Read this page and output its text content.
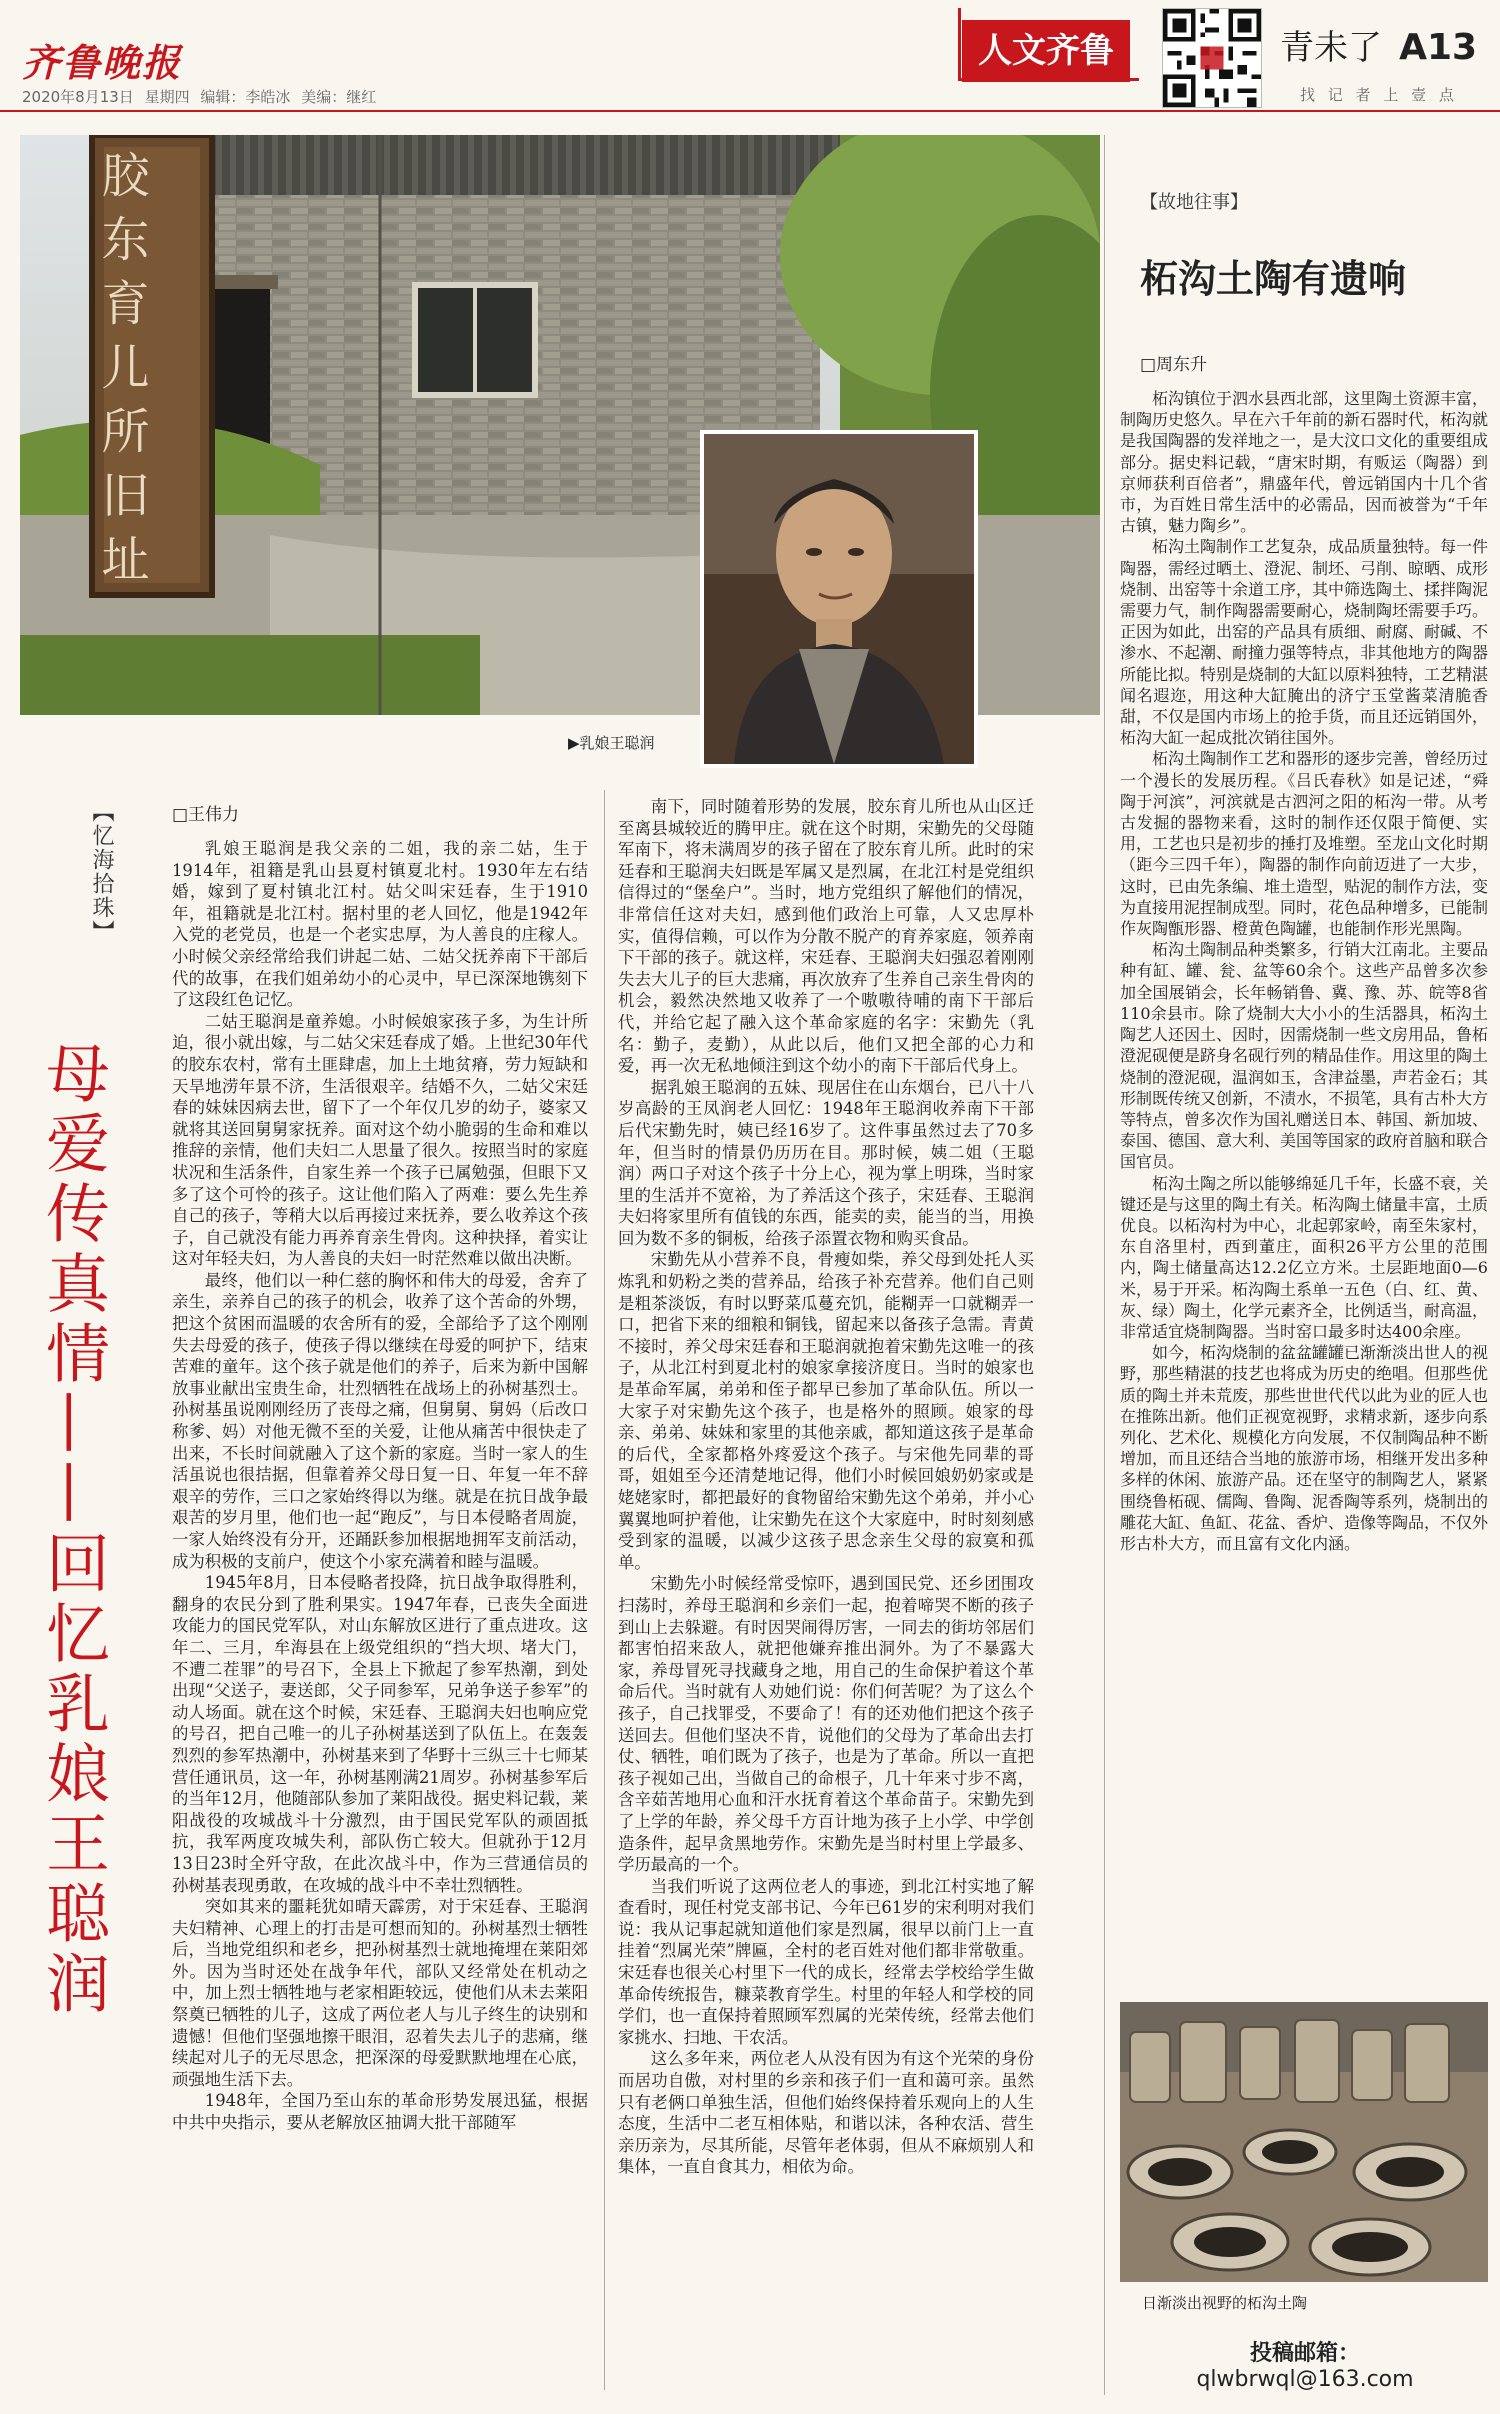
齐鲁晚报
2020年8月13日 星期四 编辑：李皓冰 美编：继红
人文齐鲁	青未了 A13
找 记 者 上 壹 点
胶东育儿所旧址
▶乳娘王聪润
【忆海拾珠】
母爱传真情——回忆乳娘王聪润
□王伟力

乳娘王聪润是我父亲的二姐，我的亲二姑，生于1914年，祖籍是乳山县夏村镇夏北村。1930年左右结婚，嫁到了夏村镇北江村。姑父叫宋廷春，生于1910年，祖籍就是北江村。据村里的老人回忆，他是1942年入党的老党员，也是一个老实忠厚，为人善良的庄稼人。小时候父亲经常给我们讲起二姑、二姑父抚养南下干部后代的故事，在我们姐弟幼小的心灵中，早已深深地镌刻下了这段红色记忆。

二姑王聪润是童养媳。小时候娘家孩子多，为生计所迫，很小就出嫁，与二姑父宋廷春成了婚。上世纪30年代的胶东农村，常有土匪肆虐，加上土地贫瘠，劳力短缺和天旱地涝年景不济，生活很艰辛。结婚不久，二姑父宋廷春的妹妹因病去世，留下了一个年仅几岁的幼子，婆家又就将其送回舅舅家抚养。面对这个幼小脆弱的生命和难以推辞的亲情，他们夫妇二人思量了很久。按照当时的家庭状况和生活条件，自家生养一个孩子已属勉强，但眼下又多了这个可怜的孩子。这让他们陷入了两难：要么先生养自己的孩子，等稍大以后再接过来抚养，要么收养这个孩子，自己就没有能力再养育亲生骨肉。这种抉择，着实让这对年轻夫妇，为人善良的夫妇一时茫然难以做出决断。

最终，他们以一种仁慈的胸怀和伟大的母爱，舍弃了亲生，亲养自己的孩子的机会，收养了这个苦命的外甥，把这个贫困而温暖的农舍所有的爱，全部给予了这个刚刚失去母爱的孩子，使孩子得以继续在母爱的呵护下，结束苦难的童年。这个孩子就是他们的养子，后来为新中国解放事业献出宝贵生命，壮烈牺牲在战场上的孙树基烈士。孙树基虽说刚刚经历了丧母之痛，但舅舅、舅妈（后改口称爹、妈）对他无微不至的关爱，让他从痛苦中很快走了出来，不长时间就融入了这个新的家庭。当时一家人的生活虽说也很拮据，但靠着养父母日复一日、年复一年不辞艰辛的劳作，三口之家始终得以为继。就是在抗日战争最艰苦的岁月里，他们也一起“跑反”，与日本侵略者周旋，一家人始终没有分开，还踊跃参加根据地拥军支前活动，成为积极的支前户，使这个小家充满着和睦与温暖。

1945年8月，日本侵略者投降，抗日战争取得胜利，翻身的农民分到了胜利果实。1947年春，已丧失全面进攻能力的国民党军队，对山东解放区进行了重点进攻。这年二、三月，牟海县在上级党组织的“挡大坝、堵大门，不遭二茬罪”的号召下，全县上下掀起了参军热潮，到处出现“父送子，妻送郎，父子同参军，兄弟争送子参军”的动人场面。就在这个时候，宋廷春、王聪润夫妇也响应党的号召，把自己唯一的儿子孙树基送到了队伍上。在轰轰烈烈的参军热潮中，孙树基来到了华野十三纵三十七师某营任通讯员，这一年，孙树基刚满21周岁。孙树基参军后的当年12月，他随部队参加了莱阳战役。据史料记载，莱阳战役的攻城战斗十分激烈，由于国民党军队的顽固抵抗，我军两度攻城失利，部队伤亡较大。但就孙于12月13日23时全歼守敌，在此次战斗中，作为三营通信员的孙树基表现勇敢，在攻城的战斗中不幸壮烈牺牲。

突如其来的噩耗犹如晴天霹雳，对于宋廷春、王聪润夫妇精神、心理上的打击是可想而知的。孙树基烈士牺牲后，当地党组织和老乡，把孙树基烈士就地掩埋在莱阳郊外。因为当时还处在战争年代，部队又经常处在机动之中，加上烈士牺牲地与老家相距较远，使他们从未去莱阳祭奠已牺牲的儿子，这成了两位老人与儿子终生的诀别和遗憾！但他们坚强地擦干眼泪，忍着失去儿子的悲痛，继续起对儿子的无尽思念，把深深的母爱默默地埋在心底，顽强地生活下去。

1948年，全国乃至山东的革命形势发展迅猛，根据中共中央指示，要从老解放区抽调大批干部随军

南下，同时随着形势的发展，胶东育儿所也从山区迁至离县城较近的腾甲庄。就在这个时期，宋勤先的父母随军南下，将未满周岁的孩子留在了胶东育儿所。此时的宋廷春和王聪润夫妇既是军属又是烈属，在北江村是党组织信得过的“堡垒户”。当时，地方党组织了解他们的情况，非常信任这对夫妇，感到他们政治上可靠，人又忠厚朴实，值得信赖，可以作为分散不脱产的育养家庭，领养南下干部的孩子。就这样，宋廷春、王聪润夫妇强忍着刚刚失去大儿子的巨大悲痛，再次放弃了生养自己亲生骨肉的机会，毅然决然地又收养了一个嗷嗷待哺的南下干部后代，并给它起了融入这个革命家庭的名字：宋勤先（乳名：勤子，麦勤），从此以后，他们又把全部的心力和爱，再一次无私地倾注到这个幼小的南下干部后代身上。

据乳娘王聪润的五妹、现居住在山东烟台，已八十八岁高龄的王凤润老人回忆：1948年王聪润收养南下干部后代宋勤先时，姨已经16岁了。这件事虽然过去了70多年，但当时的情景仍历历在目。那时候，姨二姐（王聪润）两口子对这个孩子十分上心，视为掌上明珠，当时家里的生活并不宽裕，为了养活这个孩子，宋廷春、王聪润夫妇将家里所有值钱的东西，能卖的卖，能当的当，用换回为数不多的铜板，给孩子添置衣物和购买食品。

宋勤先从小营养不良，骨瘦如柴，养父母到处托人买炼乳和奶粉之类的营养品，给孩子补充营养。他们自己则是粗茶淡饭，有时以野菜瓜蔓充饥，能糊弄一口就糊弄一口，把省下来的细粮和铜钱，留起来以备孩子急需。青黄不接时，养父母宋廷春和王聪润就抱着宋勤先这唯一的孩子，从北江村到夏北村的娘家拿接济度日。当时的娘家也是革命军属，弟弟和侄子都早已参加了革命队伍。所以一大家子对宋勤先这个孩子，也是格外的照顾。娘家的母亲、弟弟、妹妹和家里的其他亲戚，都知道这孩子是革命的后代，全家都格外疼爱这个孩子。与宋他先同辈的哥哥，姐姐至今还清楚地记得，他们小时候回娘奶奶家或是姥姥家时，都把最好的食物留给宋勤先这个弟弟，并小心翼翼地呵护着他，让宋勤先在这个大家庭中，时时刻刻感受到家的温暖，以减少这孩子思念亲生父母的寂寞和孤单。

宋勤先小时候经常受惊吓，遇到国民党、还乡团围攻扫荡时，养母王聪润和乡亲们一起，抱着啼哭不断的孩子到山上去躲避。有时因哭闹得厉害，一同去的街坊邻居们都害怕招来敌人，就把他嫌弃推出洞外。为了不暴露大家，养母冒死寻找藏身之地，用自己的生命保护着这个革命后代。当时就有人劝她们说：你们何苦呢？为了这么个孩子，自己找罪受，不要命了！有的还劝他们把这个孩子送回去。但他们坚决不肯，说他们的父母为了革命出去打仗、牺牲，咱们既为了孩子，也是为了革命。所以一直把孩子视如己出，当做自己的命根子，几十年来寸步不离，含辛茹苦地用心血和汗水抚育着这个革命苗子。宋勤先到了上学的年龄，养父母千方百计地为孩子上小学、中学创造条件，起早贪黑地劳作。宋勤先是当时村里上学最多、学历最高的一个。

当我们听说了这两位老人的事迹，到北江村实地了解查看时，现任村党支部书记、今年已61岁的宋利明对我们说：我从记事起就知道他们家是烈属，很早以前门上一直挂着“烈属光荣”牌匾，全村的老百姓对他们都非常敬重。宋廷春也很关心村里下一代的成长，经常去学校给学生做革命传统报告，糠菜教育学生。村里的年轻人和学校的同学们，也一直保持着照顾军烈属的光荣传统，经常去他们家挑水、扫地、干农活。

这么多年来，两位老人从没有因为有这个光荣的身份而居功自傲，对村里的乡亲和孩子们一直和蔼可亲。虽然只有老俩口单独生活，但他们始终保持着乐观向上的人生态度，生活中二老互相体贴，和谐以沫，各种农活、营生亲历亲为，尽其所能，尽管年老体弱，但从不麻烦别人和集体，一直自食其力，相依为命。

【故地往事】
柘沟土陶有遗响
□周东升

柘沟镇位于泗水县西北部，这里陶土资源丰富，制陶历史悠久。早在六千年前的新石器时代，柘沟就是我国陶器的发祥地之一，是大汶口文化的重要组成部分。据史料记载，“唐宋时期，有贩运（陶器）到京师获利百倍者”，鼎盛年代，曾远销国内十几个省市，为百姓日常生活中的必需品，因而被誉为“千年古镇，魅力陶乡”。

柘沟土陶制作工艺复杂，成品质量独特。每一件陶器，需经过晒土、澄泥、制坯、弓削、晾晒、成形烧制、出窑等十余道工序，其中筛选陶土、揉拌陶泥需要力气，制作陶器需要耐心，烧制陶坯需要手巧。正因为如此，出窑的产品具有质细、耐腐、耐碱、不渗水、不起潮、耐撞力强等特点，非其他地方的陶器所能比拟。特别是烧制的大缸以原料独特，工艺精湛闻名遐迩，用这种大缸腌出的济宁玉堂酱菜清脆香甜，不仅是国内市场上的抢手货，而且还远销国外，柘沟大缸一起成批次销往国外。

柘沟土陶制作工艺和器形的逐步完善，曾经历过一个漫长的发展历程。《吕氏春秋》如是记述，“舜陶于河滨”，河滨就是古泗河之阳的柘沟一带。从考古发掘的器物来看，这时的制作还仅限于简便、实用，工艺也只是初步的捶打及堆塑。至龙山文化时期（距今三四千年），陶器的制作向前迈进了一大步，这时，已由先条编、堆土造型，贴泥的制作方法，变为直接用泥捏制成型。同时，花色品种增多，已能制作灰陶甑形器、橙黄色陶罐，也能制作形光黑陶。

柘沟土陶制品种类繁多，行销大江南北。主要品种有缸、罐、瓮、盆等60余个。这些产品曾多次参加全国展销会，长年畅销鲁、冀、豫、苏、皖等8省110余县市。除了烧制大大小小的生活器具，柘沟土陶艺人还因土、因时，因需烧制一些文房用品，鲁柘澄泥砚便是跻身名砚行列的精品佳作。用这里的陶土烧制的澄泥砚，温润如玉，含津益墨，声若金石；其形制既传统又创新，不渍水，不损笔，具有古朴大方等特点，曾多次作为国礼赠送日本、韩国、新加坡、泰国、德国、意大利、美国等国家的政府首脑和联合国官员。

柘沟土陶之所以能够绵延几千年，长盛不衰，关键还是与这里的陶土有关。柘沟陶土储量丰富，土质优良。以柘沟村为中心，北起郭家岭，南至朱家村，东自洛里村，西到董庄，面积26平方公里的范围内，陶土储量高达12.2亿立方米。土层距地面0—6米，易于开采。柘沟陶土系单一五色（白、红、黄、灰、绿）陶土，化学元素齐全，比例适当，耐高温，非常适宜烧制陶器。当时窑口最多时达400余座。

如今，柘沟烧制的盆盆罐罐已渐渐淡出世人的视野，那些精湛的技艺也将成为历史的绝唱。但那些优质的陶土并未荒废，那些世世代代以此为业的匠人也在推陈出新。他们正视宽视野，求精求新，逐步向系列化、艺术化、规模化方向发展，不仅制陶品种不断增加，而且还结合当地的旅游市场，相继开发出多种多样的休闲、旅游产品。还在坚守的制陶艺人，紧紧围绕鲁柘砚、儒陶、鲁陶、泥香陶等系列，烧制出的雕花大缸、鱼缸、花盆、香炉、造像等陶品，不仅外形古朴大方，而且富有文化内涵。

日渐淡出视野的柘沟土陶
投稿邮箱：
qlwbrwql@163.com
